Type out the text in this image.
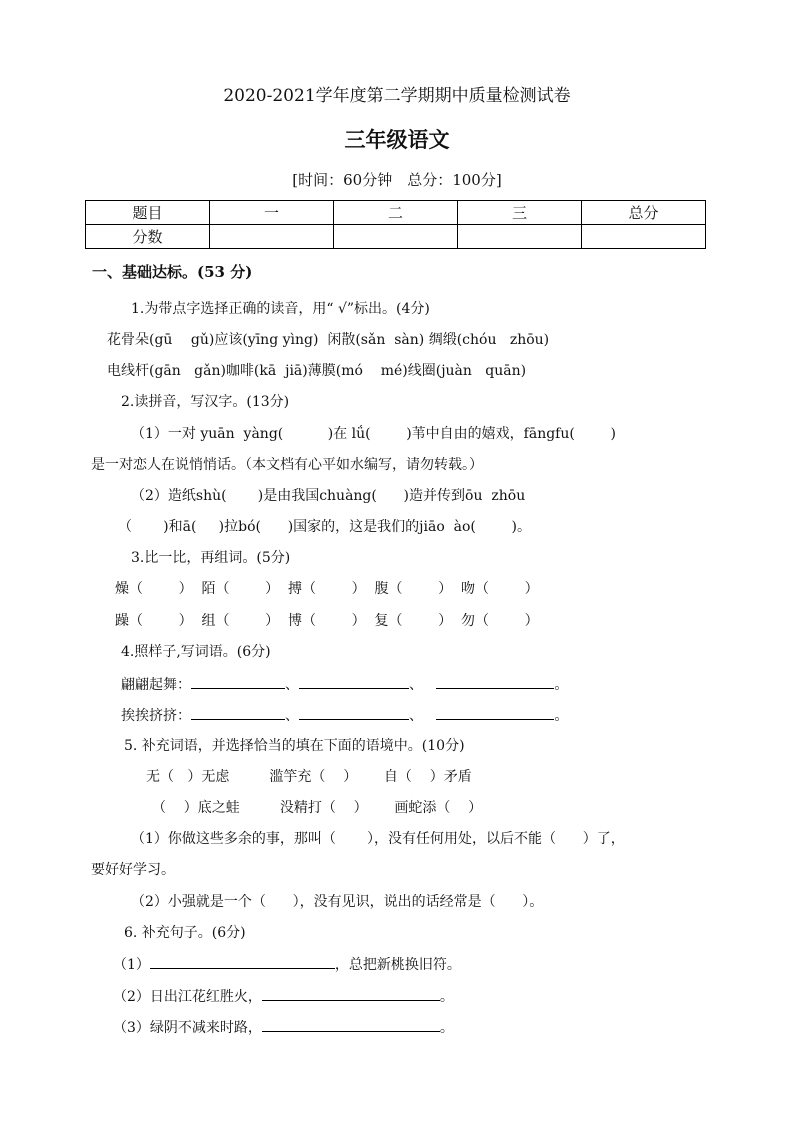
2020-2021学年度第二学期期中质量检测试卷
三年级语文
[时间：60分钟　总分：100分]
题目	一	二	三	总分
分数				
一、基础达标。(53 分)
1.为带点字选择正确的读音，用“ √”标出。(4分)
花骨朵(gū　 gǔ)应该(yīng yìng)  闲散(sǎn  sàn) 绸缎(chóu   zhōu)
电线杆(gān   gǎn)咖啡(kā  jiā)薄膜(mó    mé)线圈(juàn   quān)
2.读拼音，写汉字。(13分)
（1）一对 yuān  yàng(          )在 lǘ(        )苇中自由的嬉戏，fāngfu(        )
是一对恋人在说悄悄话。（本文档有心平如水编写，请勿转载。）
（2）造纸shù(       )是由我国chuàng(      )造并传到ōu  zhōu
（       )和ā(     )拉bó(      )国家的，这是我们的jiāo  ào(        )。
3.比一比，再组词。(5分)
燥（        ）  陌（        ）  搏（        ）  腹（        ）  吻（        ）
躁（        ）  组（        ）  博（        ）  复（        ）  勿（        ）
4.照样子,写词语。(6分)
翩翩起舞：	、	、	。
挨挨挤挤：	、	、	。
5. 补充词语，并选择恰当的填在下面的语境中。(10分)
无（   ）无虑         滥竽充（    ）      自（    ）矛盾
（    ）底之蛙         没精打（    ）      画蛇添（    ）
（1）你做这些多余的事，那叫（       ），没有任何用处，以后不能（      ）了，
要好好学习。
（2）小强就是一个（      ），没有见识，说出的话经常是（      ）。
6. 补充句子。(6分)
（1）	，总把新桃换旧符。
（2）日出江花红胜火，	。
（3）绿阴不减来时路，	。
